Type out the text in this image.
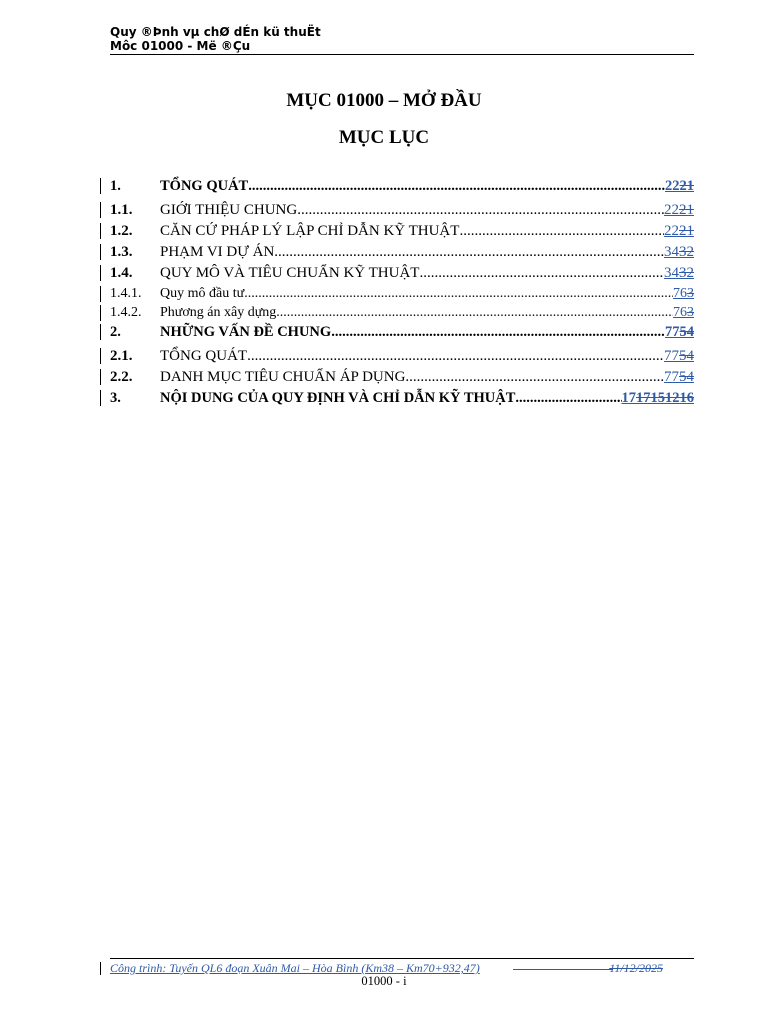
Quy ®Þnh vµ chØ dÉn kü thuËt
Môc 01000 - Më ®Çu
MỤC 01000 – MỞ ĐẦU
MỤC LỤC
1.	TỔNG QUÁT .....	2221
1.1.	GIỚI THIỆU CHUNG .....	2221
1.2.	CĂN CỨ PHÁP LÝ LẬP CHỈ DẪN KỸ THUẬT .....	2221
1.3.	PHẠM VI DỰ ÁN .....	3432
1.4.	QUY MÔ VÀ TIÊU CHUẨN KỸ THUẬT .....	3432
1.4.1.	Quy mô đầu tư .....	763
1.4.2.	Phương án xây dựng .....	763
2.	NHỮNG VẤN ĐỀ CHUNG .....	7754
2.1.	TỔNG QUÁT .....	7754
2.2.	DANH MỤC TIÊU CHUẨN ÁP DỤNG .....	7754
3.	NỘI DUNG CỦA QUY ĐỊNH VÀ CHỈ DẪN KỸ THUẬT .....	1717151216
Công trình: Tuyến QL6 đoạn Xuân Mai – Hòa Bình (Km38 – Km70+932,47)	11/12/2025
01000 - i
